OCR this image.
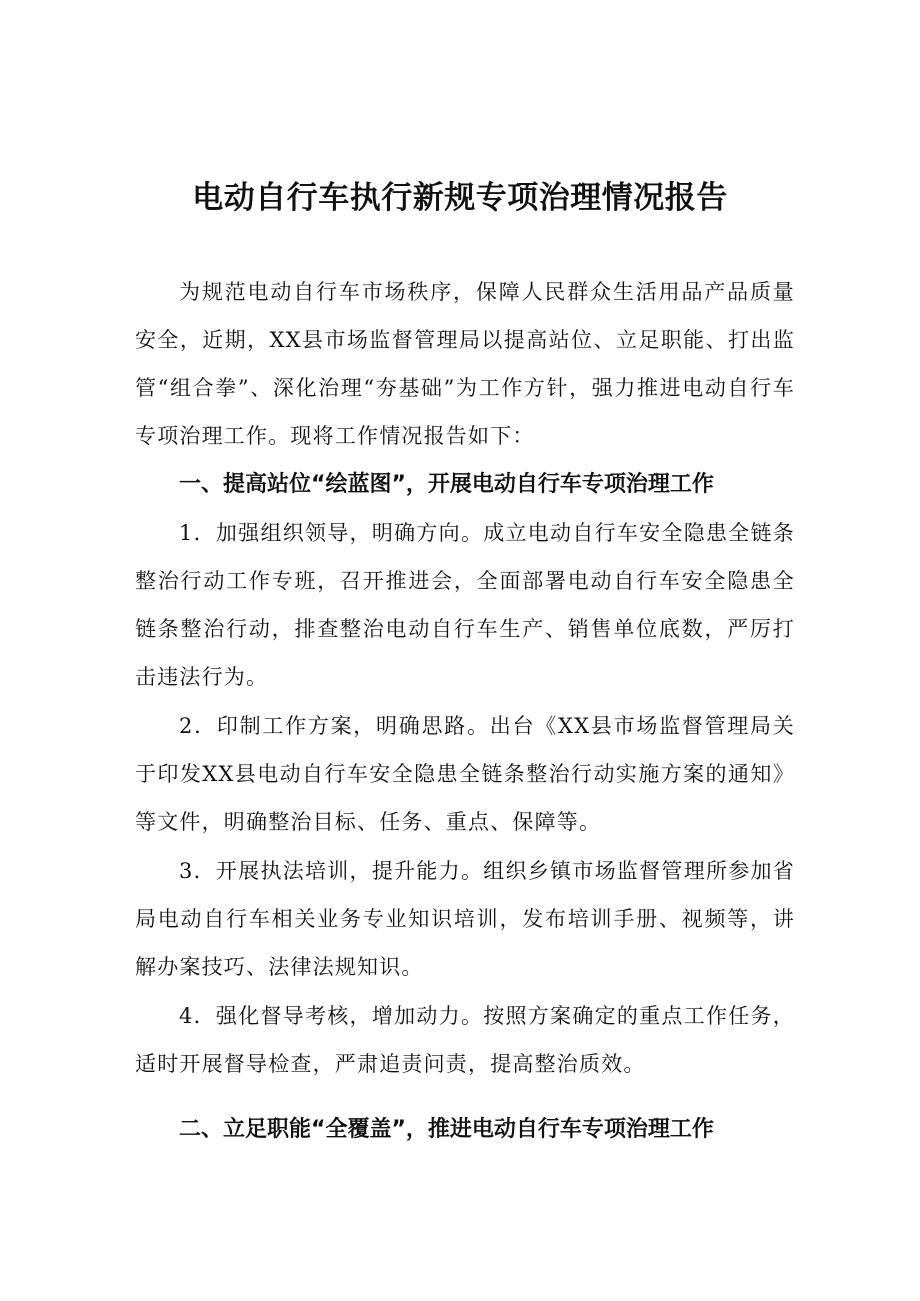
电动自行车执行新规专项治理情况报告

为规范电动自行车市场秩序，保障人民群众生活用品产品质量安全，近期，XX县市场监督管理局以提高站位、立足职能、打出监管“组合拳”、深化治理“夯基础”为工作方针，强力推进电动自行车专项治理工作。现将工作情况报告如下：

一、提高站位“绘蓝图”，开展电动自行车专项治理工作

1．加强组织领导，明确方向。成立电动自行车安全隐患全链条整治行动工作专班，召开推进会，全面部署电动自行车安全隐患全链条整治行动，排查整治电动自行车生产、销售单位底数，严厉打击违法行为。

2．印制工作方案，明确思路。出台《XX县市场监督管理局关于印发XX县电动自行车安全隐患全链条整治行动实施方案的通知》等文件，明确整治目标、任务、重点、保障等。

3．开展执法培训，提升能力。组织乡镇市场监督管理所参加省局电动自行车相关业务专业知识培训，发布培训手册、视频等，讲解办案技巧、法律法规知识。

4．强化督导考核，增加动力。按照方案确定的重点工作任务，适时开展督导检查，严肃追责问责，提高整治质效。

二、立足职能“全覆盖”，推进电动自行车专项治理工作
